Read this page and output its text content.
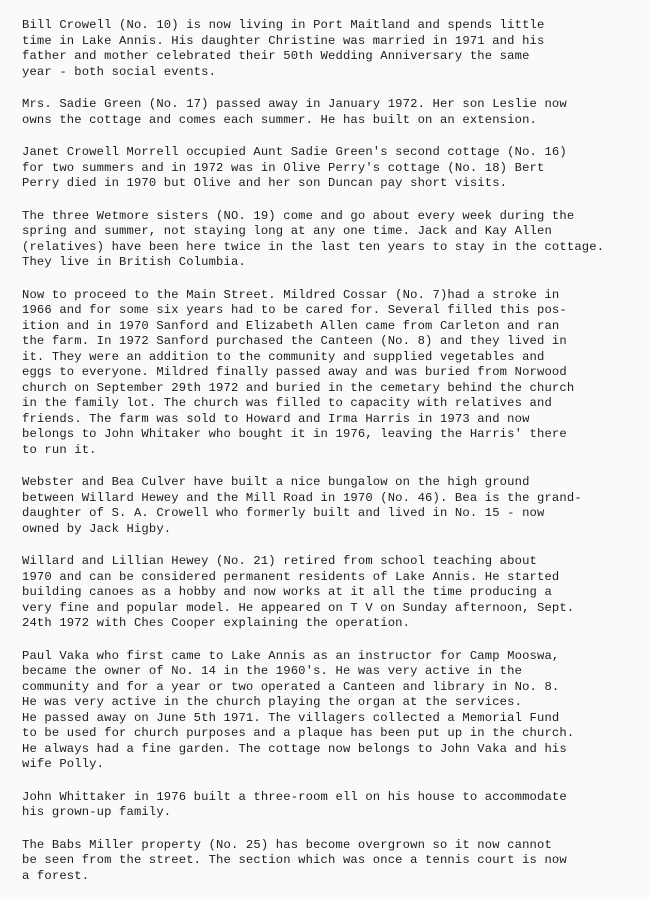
Bill Crowell (No. 10) is now living in Port Maitland and spends little
time in Lake Annis. His daughter Christine was married in 1971 and his
father and mother celebrated their 50th Wedding Anniversary the same
year - both social events.
Mrs. Sadie Green (No. 17) passed away in January 1972. Her son Leslie now
owns the cottage and comes each summer. He has built on an extension.
Janet Crowell Morrell occupied Aunt Sadie Green's second cottage (No. 16)
for two summers and in 1972 was in Olive Perry's cottage (No. 18) Bert
Perry died in 1970 but Olive and her son Duncan pay short visits.
The three Wetmore sisters (NO. 19) come and go about every week during the
spring and summer, not staying long at any one time. Jack and Kay Allen
(relatives) have been here twice in the last ten years to stay in the cottage.
They live in British Columbia.
Now to proceed to the Main Street. Mildred Cossar (No. 7)had a stroke in
1966 and for some six years had to be cared for. Several filled this pos-
ition and in 1970 Sanford and Elizabeth Allen came from Carleton and ran
the farm. In 1972 Sanford purchased the Canteen (No. 8) and they lived in
it. They were an addition to the community and supplied vegetables and
eggs to everyone. Mildred finally passed away and was buried from Norwood
church on September 29th 1972 and buried in the cemetary behind the church
in the family lot. The church was filled to capacity with relatives and
friends. The farm was sold to Howard and Irma Harris in 1973 and now
belongs to John Whitaker who bought it in 1976, leaving the Harris' there
to run it.
Webster and Bea Culver have built a nice bungalow on the high ground
between Willard Hewey and the Mill Road in 1970 (No. 46). Bea is the grand-
daughter of S. A. Crowell who formerly built and lived in No. 15 - now
owned by Jack Higby.
Willard and Lillian Hewey (No. 21) retired from school teaching about
1970 and can be considered permanent residents of Lake Annis. He started
building canoes as a hobby and now works at it all the time producing a
very fine and popular model. He appeared on T V on Sunday afternoon, Sept.
24th 1972 with Ches Cooper explaining the operation.
Paul Vaka who first came to Lake Annis as an instructor for Camp Mooswa,
became the owner of No. 14 in the 1960's. He was very active in the
community and for a year or two operated a Canteen and library in No. 8.
He was very active in the church playing the organ at the services.
He passed away on June 5th 1971. The villagers collected a Memorial Fund
to be used for church purposes and a plaque has been put up in the church.
He always had a fine garden. The cottage now belongs to John Vaka and his
wife Polly.
John Whittaker in 1976 built a three-room ell on his house to accommodate
his grown-up family.
The Babs Miller property (No. 25) has become overgrown so it now cannot
be seen from the street. The section which was once a tennis court is now
a forest.
